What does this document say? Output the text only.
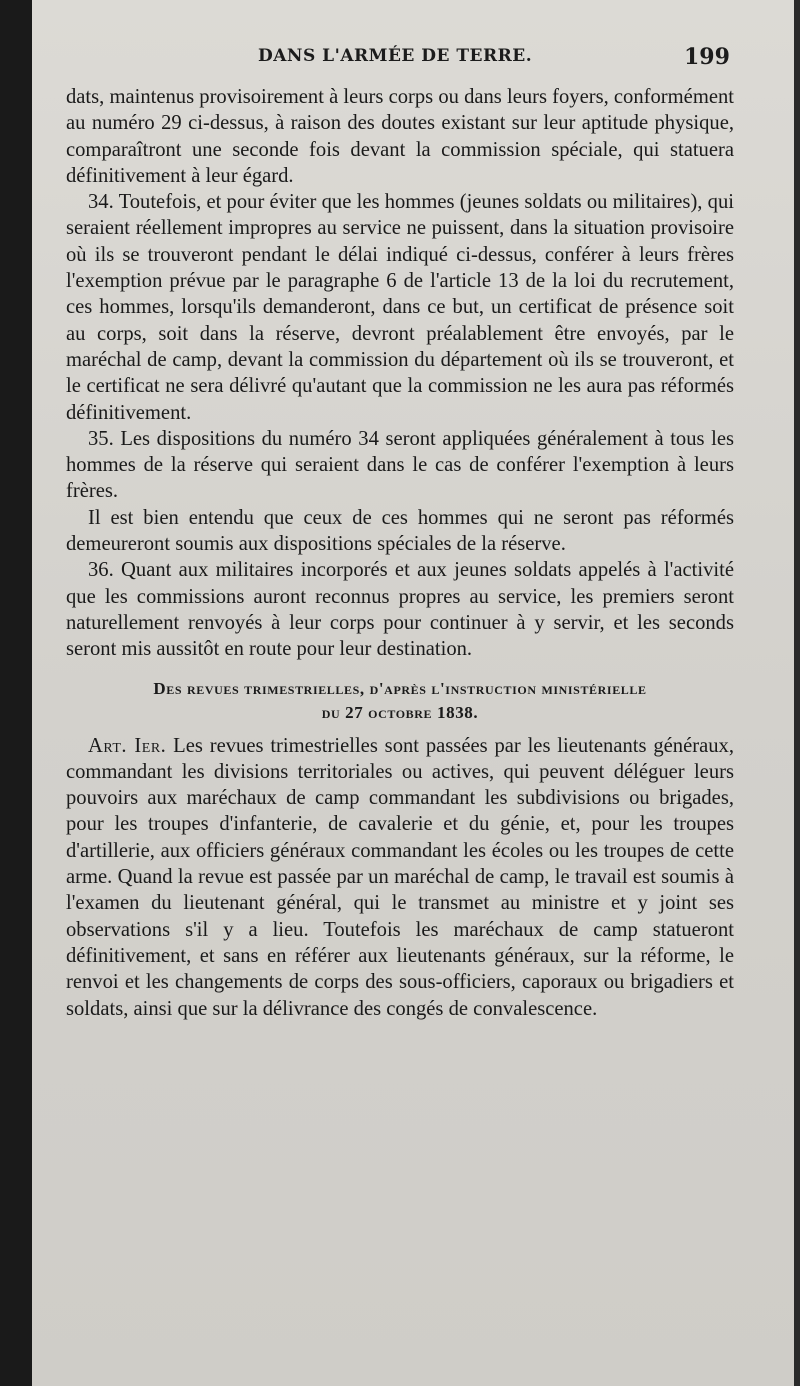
DANS L'ARMÉE DE TERRE.	199

dats, maintenus provisoirement à leurs corps ou dans leurs foyers, conformément au numéro 29 ci-dessus, à raison des doutes existant sur leur aptitude physique, comparaîtront une seconde fois devant la commission spéciale, qui statuera définitivement à leur égard.

34. Toutefois, et pour éviter que les hommes (jeunes soldats ou militaires), qui seraient réellement impropres au service ne puissent, dans la situation provisoire où ils se trouveront pendant le délai indiqué ci-dessus, conférer à leurs frères l'exemption prévue par le paragraphe 6 de l'article 13 de la loi du recrutement, ces hommes, lorsqu'ils demanderont, dans ce but, un certificat de présence soit au corps, soit dans la réserve, devront préalablement être envoyés, par le maréchal de camp, devant la commission du département où ils se trouveront, et le certificat ne sera délivré qu'autant que la commission ne les aura pas réformés définitivement.

35. Les dispositions du numéro 34 seront appliquées généralement à tous les hommes de la réserve qui seraient dans le cas de conférer l'exemption à leurs frères.

Il est bien entendu que ceux de ces hommes qui ne seront pas réformés demeureront soumis aux dispositions spéciales de la réserve.

36. Quant aux militaires incorporés et aux jeunes soldats appelés à l'activité que les commissions auront reconnus propres au service, les premiers seront naturellement renvoyés à leur corps pour continuer à y servir, et les seconds seront mis aussitôt en route pour leur destination.

Des revues trimestrielles, d'après l'instruction ministérielle
du 27 octobre 1838.

Art. Ier. Les revues trimestrielles sont passées par les lieutenants généraux, commandant les divisions territoriales ou actives, qui peuvent déléguer leurs pouvoirs aux maréchaux de camp commandant les subdivisions ou brigades, pour les troupes d'infanterie, de cavalerie et du génie, et, pour les troupes d'artillerie, aux officiers généraux commandant les écoles ou les troupes de cette arme. Quand la revue est passée par un maréchal de camp, le travail est soumis à l'examen du lieutenant général, qui le transmet au ministre et y joint ses observations s'il y a lieu. Toutefois les maréchaux de camp statueront définitivement, et sans en référer aux lieutenants généraux, sur la réforme, le renvoi et les changements de corps des sous-officiers, caporaux ou brigadiers et soldats, ainsi que sur la délivrance des congés de convalescence.
